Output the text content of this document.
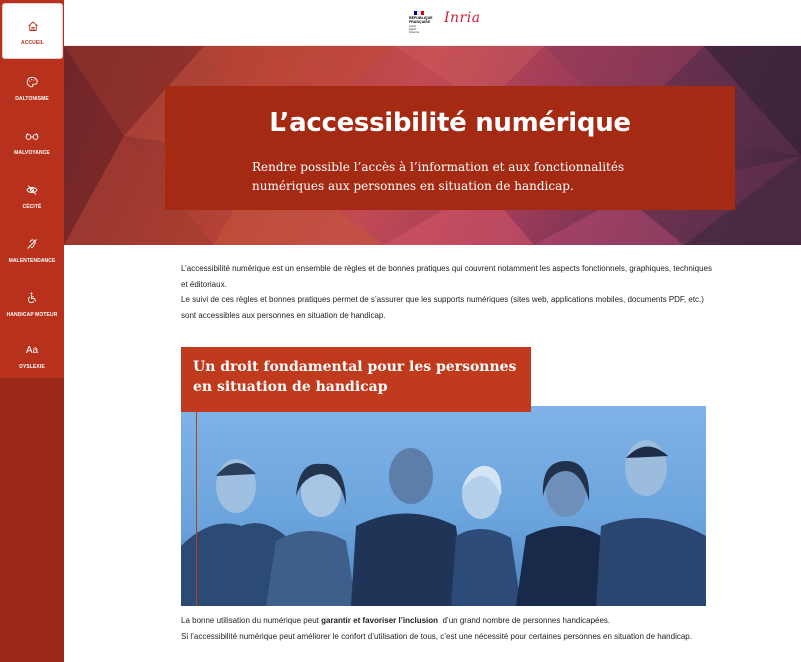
ACCUEIL
DALTONISME
MALVOYANCE
CÉCITÉ
MALENTENDANCE
HANDICAP MOTEUR
Aa
DYSLEXIE
RÉPUBLIQUE FRANÇAISE
Liberté Égalité Fraternité
Inria
L’accessibilité numérique

Rendre possible l’accès à l’information et aux fonctionnalités numériques aux personnes en situation de handicap.

L’accessibilité numérique est un ensemble de règles et de bonnes pratiques qui couvrent notamment les aspects fonctionnels, graphiques, techniques et éditoriaux.

Le suivi de ces règles et bonnes pratiques permet de s’assurer que les supports numériques (sites web, applications mobiles, documents PDF, etc.) sont accessibles aux personnes en situation de handicap.

Un droit fondamental pour les personnes en situation de handicap

La bonne utilisation du numérique peut garantir et favoriser l’inclusion  d’un grand nombre de personnes handicapées.

Si l’accessibilité numérique peut améliorer le confort d’utilisation de tous, c’est une nécessité pour certaines personnes en situation de handicap.
